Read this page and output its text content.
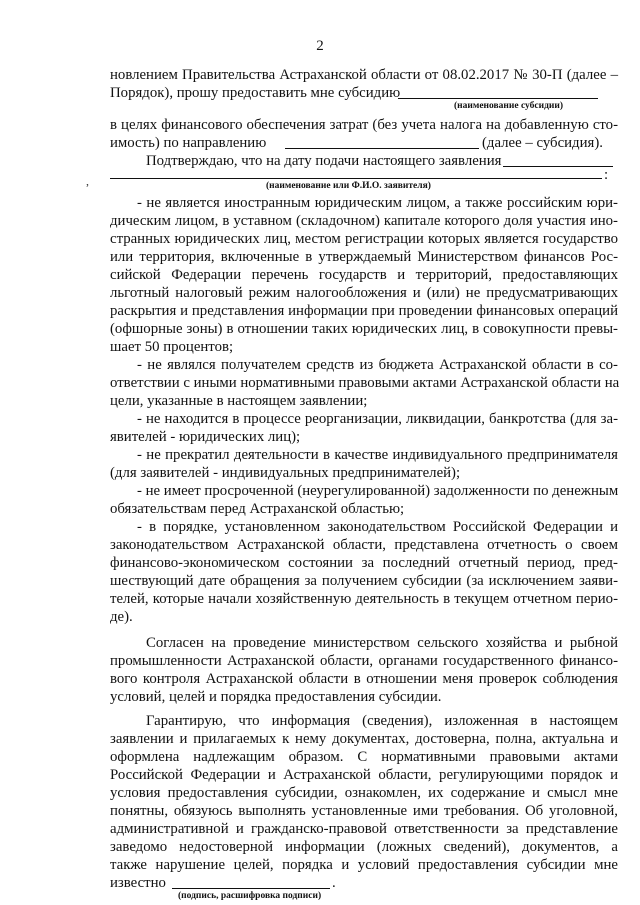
2
новлением Правительства Астраханской области от 08.02.2017 № 30-П (далее –
Порядок), прошу предоставить мне субсидию
(наименование субсидии)
в целях финансового обеспечения затрат (без учета налога на добавленную сто-
имость) по направлению	(далее – субсидия).
Подтверждаю, что на дату подачи настоящего заявления
,	:
(наименование или Ф.И.О. заявителя)
- не является иностранным юридическим лицом, а также российским юри-
дическим лицом, в уставном (складочном) капитале которого доля участия ино-
странных юридических лиц, местом регистрации которых является государство
или территория, включенные в утверждаемый Министерством финансов Рос-
сийской Федерации перечень государств и территорий, предоставляющих
льготный налоговый режим налогообложения и (или) не предусматривающих
раскрытия и представления информации при проведении финансовых операций
(офшорные зоны) в отношении таких юридических лиц, в совокупности превы-
шает 50 процентов;
- не являлся получателем средств из бюджета Астраханской области в со-
ответствии с иными нормативными правовыми актами Астраханской области на
цели, указанные в настоящем заявлении;
- не находится в процессе реорганизации, ликвидации, банкротства (для за-
явителей - юридических лиц);
- не прекратил деятельности в качестве индивидуального предпринимателя
(для заявителей - индивидуальных предпринимателей);
- не имеет просроченной (неурегулированной) задолженности по денежным
обязательствам перед Астраханской областью;
- в порядке, установленном законодательством Российской Федерации и
законодательством Астраханской области, представлена отчетность о своем
финансово-экономическом состоянии за последний отчетный период, пред-
шествующий дате обращения за получением субсидии (за исключением заяви-
телей, которые начали хозяйственную деятельность в текущем отчетном перио-
де).
Согласен на проведение министерством сельского хозяйства и рыбной
промышленности Астраханской области, органами государственного финансо-
вого контроля Астраханской области в отношении меня проверок соблюдения
условий, целей и порядка предоставления субсидии.
Гарантирую, что информация (сведения), изложенная в настоящем
заявлении и прилагаемых к нему документах, достоверна, полна, актуальна и
оформлена надлежащим образом. С нормативными правовыми актами
Российской Федерации и Астраханской области, регулирующими порядок и
условия предоставления субсидии, ознакомлен, их содержание и смысл мне
понятны, обязуюсь выполнять установленные ими требования. Об уголовной,
административной и гражданско-правовой ответственности за представление
заведомо недостоверной информации (ложных сведений), документов, а
также нарушение целей, порядка и условий предоставления субсидии мне
известно	.
(подпись, расшифровка подписи)
